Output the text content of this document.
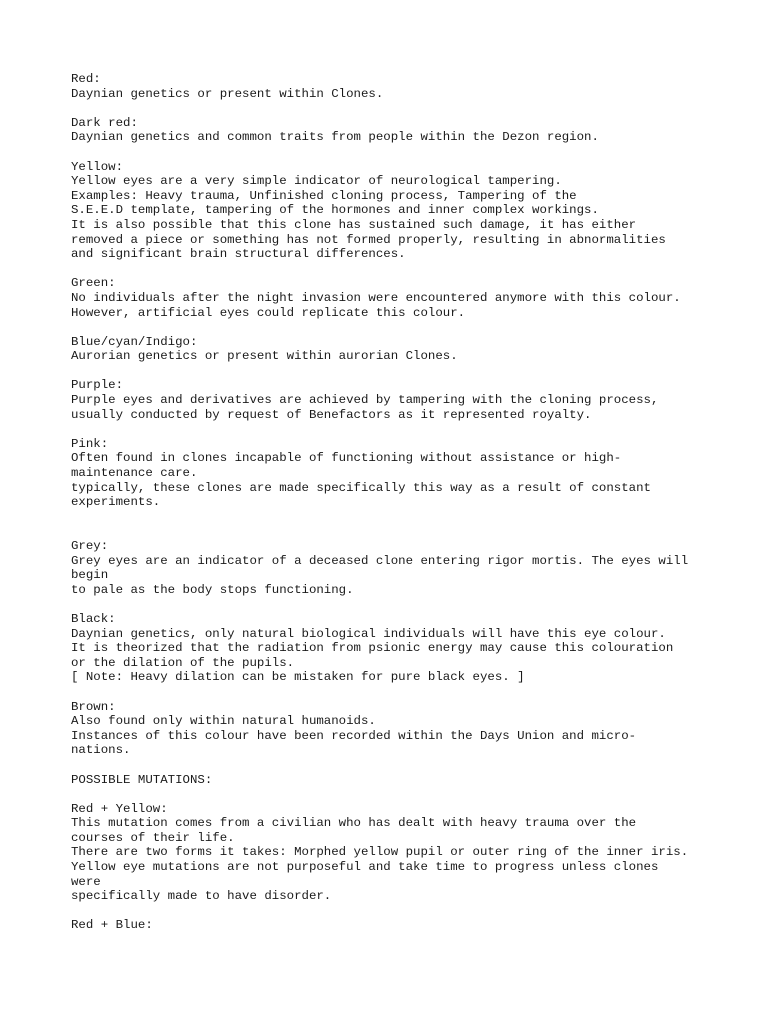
Red:
Daynian genetics or present within Clones.
Dark red:
Daynian genetics and common traits from people within the Dezon region.
Yellow:
Yellow eyes are a very simple indicator of neurological tampering.
Examples: Heavy trauma, Unfinished cloning process, Tampering of the
S.E.E.D template, tampering of the hormones and inner complex workings.
It is also possible that this clone has sustained such damage, it has either
removed a piece or something has not formed properly, resulting in abnormalities
and significant brain structural differences.
Green:
No individuals after the night invasion were encountered anymore with this colour.
However, artificial eyes could replicate this colour.
Blue/cyan/Indigo:
Aurorian genetics or present within aurorian Clones.
Purple:
Purple eyes and derivatives are achieved by tampering with the cloning process,
usually conducted by request of Benefactors as it represented royalty.
Pink:
Often found in clones incapable of functioning without assistance or high-
maintenance care.
typically, these clones are made specifically this way as a result of constant
experiments.
Grey:
Grey eyes are an indicator of a deceased clone entering rigor mortis. The eyes will
begin
to pale as the body stops functioning.
Black:
Daynian genetics, only natural biological individuals will have this eye colour.
It is theorized that the radiation from psionic energy may cause this colouration
or the dilation of the pupils.
[ Note: Heavy dilation can be mistaken for pure black eyes. ]
Brown:
Also found only within natural humanoids.
Instances of this colour have been recorded within the Days Union and micro-
nations.
POSSIBLE MUTATIONS:
Red + Yellow:
This mutation comes from a civilian who has dealt with heavy trauma over the
courses of their life.
There are two forms it takes: Morphed yellow pupil or outer ring of the inner iris.
Yellow eye mutations are not purposeful and take time to progress unless clones
were
specifically made to have disorder.
Red + Blue:
